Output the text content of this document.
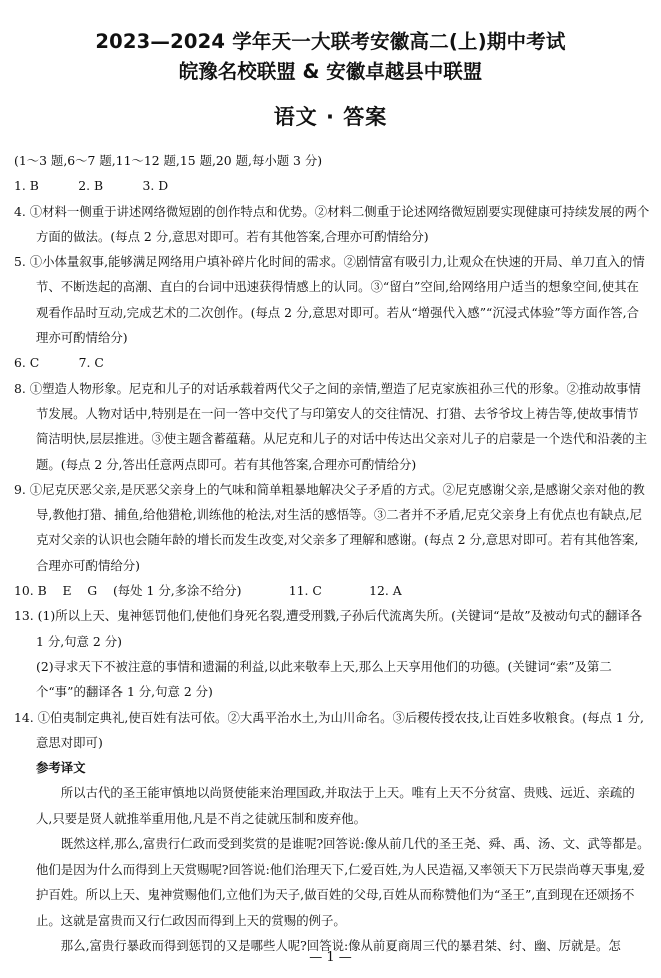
2023—2024 学年天一大联考安徽高二(上)期中考试
皖豫名校联盟 & 安徽卓越县中联盟
语文 · 答案

(1～3 题,6～7 题,11～12 题,15 题,20 题,每小题 3 分)

1. B          2. B          3. D

4. ①材料一侧重于讲述网络微短剧的创作特点和优势。②材料二侧重于论述网络微短剧要实现健康可持续发展的两个方面的做法。(每点 2 分,意思对即可。若有其他答案,合理亦可酌情给分)

5. ①小体量叙事,能够满足网络用户填补碎片化时间的需求。②剧情富有吸引力,让观众在快速的开局、单刀直入的情节、不断迭起的高潮、直白的台词中迅速获得情感上的认同。③“留白”空间,给网络用户适当的想象空间,使其在观看作品时互动,完成艺术的二次创作。(每点 2 分,意思对即可。若从“增强代入感”“沉浸式体验”等方面作答,合理亦可酌情给分)

6. C          7. C

8. ①塑造人物形象。尼克和儿子的对话承载着两代父子之间的亲情,塑造了尼克家族祖孙三代的形象。②推动故事情节发展。人物对话中,特别是在一问一答中交代了与印第安人的交往情况、打猎、去爷爷坟上祷告等,使故事情节简洁明快,层层推进。③使主题含蓄蕴藉。从尼克和儿子的对话中传达出父亲对儿子的启蒙是一个迭代和沿袭的主题。(每点 2 分,答出任意两点即可。若有其他答案,合理亦可酌情给分)

9. ①尼克厌恶父亲,是厌恶父亲身上的气味和简单粗暴地解决父子矛盾的方式。②尼克感谢父亲,是感谢父亲对他的教导,教他打猎、捕鱼,给他猎枪,训练他的枪法,对生活的感悟等。③二者并不矛盾,尼克父亲身上有优点也有缺点,尼克对父亲的认识也会随年龄的增长而发生改变,对父亲多了理解和感谢。(每点 2 分,意思对即可。若有其他答案,合理亦可酌情给分)

10. B    E    G    (每处 1 分,多涂不给分)            11. C            12. A

13. (1)所以上天、鬼神惩罚他们,使他们身死名裂,遭受刑戮,子孙后代流离失所。(关键词“是故”及被动句式的翻译各 1 分,句意 2 分)

(2)寻求天下不被注意的事情和遗漏的利益,以此来敬奉上天,那么上天享用他们的功德。(关键词“索”及第二个“事”的翻译各 1 分,句意 2 分)

14. ①伯夷制定典礼,使百姓有法可依。②大禹平治水土,为山川命名。③后稷传授农技,让百姓多收粮食。(每点 1 分,意思对即可)

参考译文

所以古代的圣王能审慎地以尚贤使能来治理国政,并取法于上天。唯有上天不分贫富、贵贱、远近、亲疏的人,只要是贤人就推举重用他,凡是不肖之徒就压制和废弃他。

既然这样,那么,富贵行仁政而受到奖赏的是谁呢?回答说:像从前几代的圣王尧、舜、禹、汤、文、武等都是。他们是因为什么而得到上天赏赐呢?回答说:他们治理天下,仁爱百姓,为人民造福,又率领天下万民崇尚尊天事鬼,爱护百姓。所以上天、鬼神赏赐他们,立他们为天子,做百姓的父母,百姓从而称赞他们为“圣王”,直到现在还颂扬不止。这就是富贵而又行仁政因而得到上天的赏赐的例子。

那么,富贵行暴政而得到惩罚的又是哪些人呢?回答说:像从前夏商周三代的暴君桀、纣、幽、厉就是。怎

— 1 —
